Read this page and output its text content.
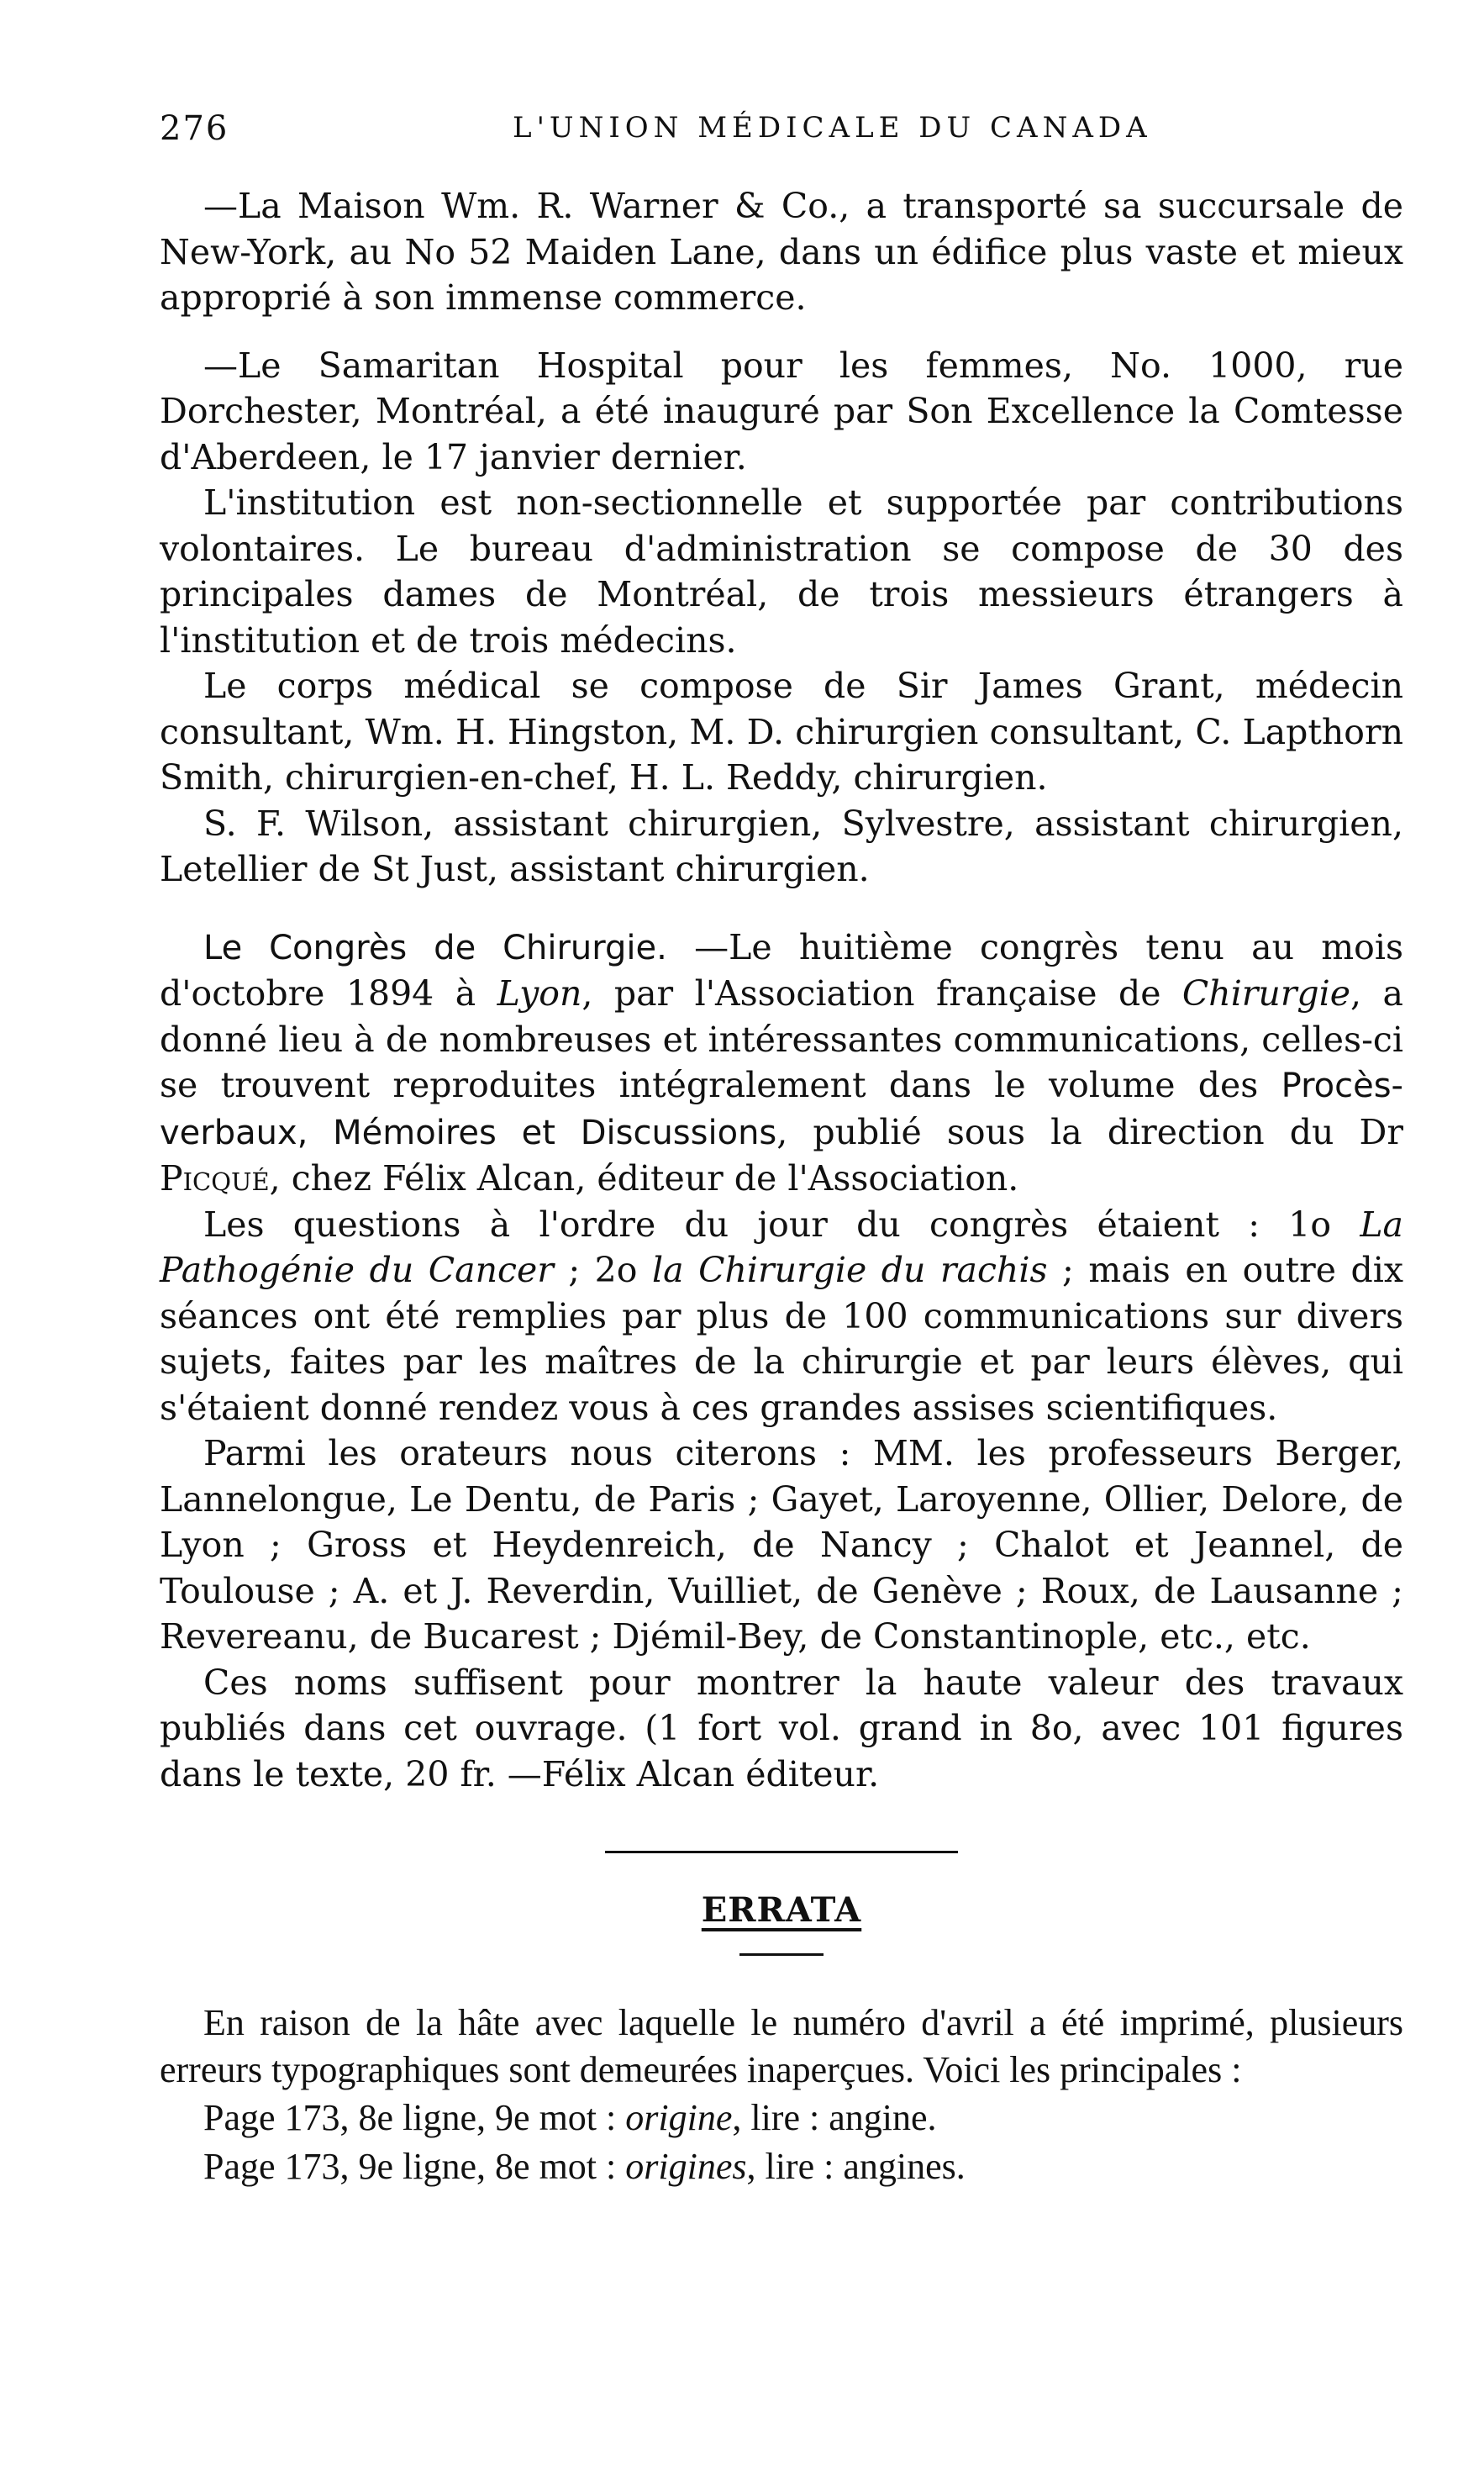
276	L'UNION MÉDICALE DU CANADA

—La Maison Wm. R. Warner & Co., a transporté sa succursale de New-York, au No 52 Maiden Lane, dans un édifice plus vaste et mieux approprié à son immense commerce.

—Le Samaritan Hospital pour les femmes, No. 1000, rue Dorchester, Montréal, a été inauguré par Son Excellence la Comtesse d'Aberdeen, le 17 janvier dernier.

L'institution est non-sectionnelle et supportée par contributions volontaires. Le bureau d'administration se compose de 30 des principales dames de Montréal, de trois messieurs étrangers à l'institution et de trois médecins.

Le corps médical se compose de Sir James Grant, médecin consultant, Wm. H. Hingston, M. D. chirurgien consultant, C. Lapthorn Smith, chirurgien-en-chef, H. L. Reddy, chirurgien.

S. F. Wilson, assistant chirurgien, Sylvestre, assistant chirurgien, Letellier de St Just, assistant chirurgien.

Le Congrès de Chirurgie. —Le huitième congrès tenu au mois d'octobre 1894 à Lyon, par l'Association française de Chirurgie, a donné lieu à de nombreuses et intéressantes communications, celles-ci se trouvent reproduites intégralement dans le volume des Procès-verbaux, Mémoires et Discussions, publié sous la direction du Dr Picqué, chez Félix Alcan, éditeur de l'Association.

Les questions à l'ordre du jour du congrès étaient : 1o La Pathogénie du Cancer ; 2o la Chirurgie du rachis ; mais en outre dix séances ont été remplies par plus de 100 communications sur divers sujets, faites par les maîtres de la chirurgie et par leurs élèves, qui s'étaient donné rendez vous à ces grandes assises scientifiques.

Parmi les orateurs nous citerons : MM. les professeurs Berger, Lannelongue, Le Dentu, de Paris ; Gayet, Laroyenne, Ollier, Delore, de Lyon ; Gross et Heydenreich, de Nancy ; Chalot et Jeannel, de Toulouse ; A. et J. Reverdin, Vuilliet, de Genève ; Roux, de Lausanne ; Revereanu, de Bucarest ; Djémil-Bey, de Constantinople, etc., etc.

Ces noms suffisent pour montrer la haute valeur des travaux publiés dans cet ouvrage. (1 fort vol. grand in 8o, avec 101 figures dans le texte, 20 fr. —Félix Alcan éditeur.

ERRATA

En raison de la hâte avec laquelle le numéro d'avril a été imprimé, plusieurs erreurs typographiques sont demeurées inaperçues. Voici les principales :

Page 173, 8e ligne, 9e mot : origine, lire : angine.

Page 173, 9e ligne, 8e mot : origines, lire : angines.
